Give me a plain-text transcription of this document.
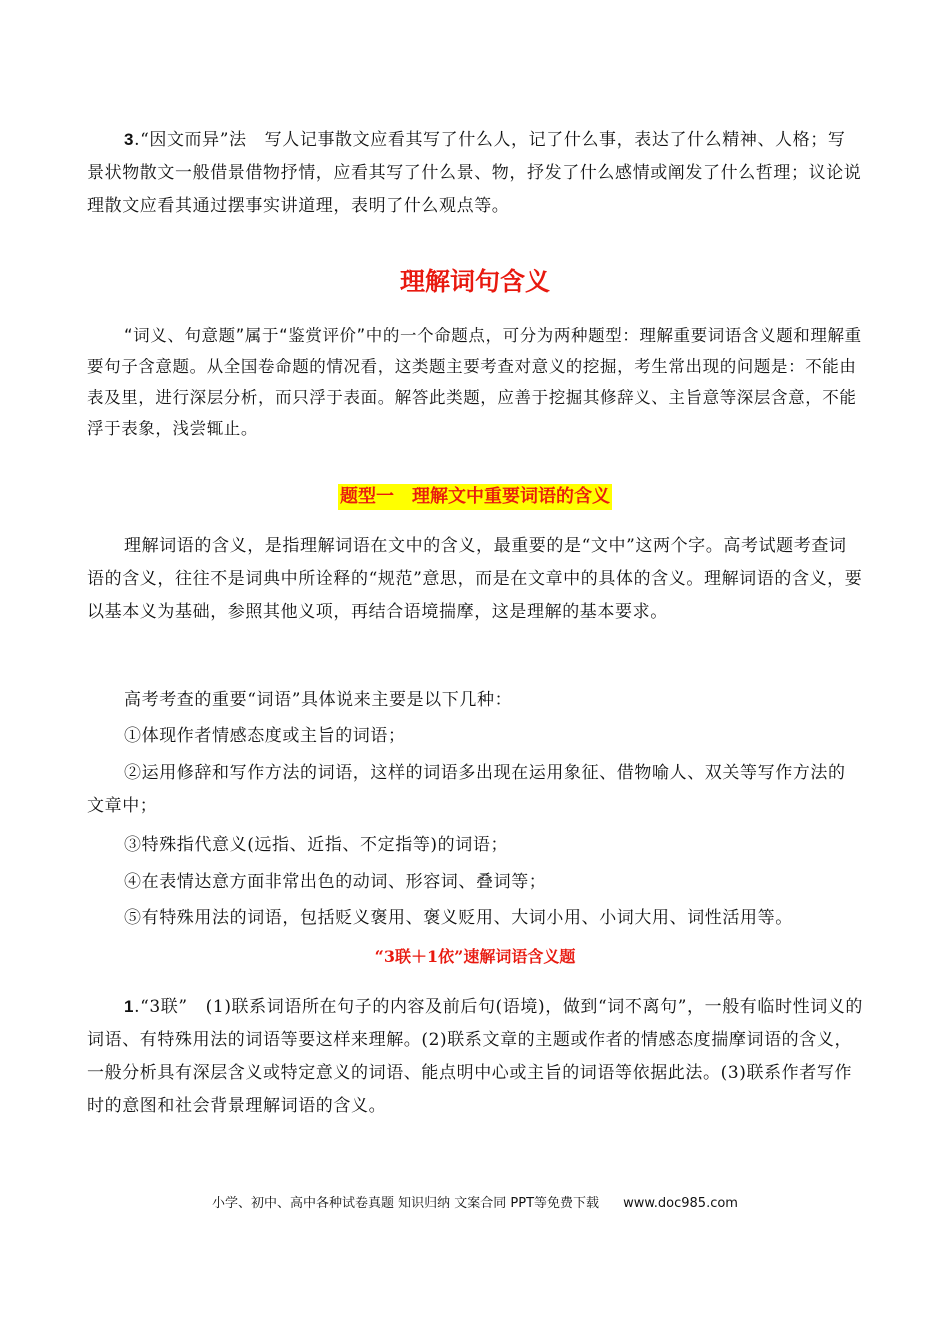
3.“因文而异”法 写人记事散文应看其写了什么人，记了什么事，表达了什么精神、人格；写景状物散文一般借景借物抒情，应看其写了什么景、物，抒发了什么感情或阐发了什么哲理；议论说理散文应看其通过摆事实讲道理，表明了什么观点等。

理解词句含义

“词义、句意题”属于“鉴赏评价”中的一个命题点，可分为两种题型：理解重要词语含义题和理解重要句子含意题。从全国卷命题的情况看，这类题主要考查对意义的挖掘，考生常出现的问题是：不能由表及里，进行深层分析，而只浮于表面。解答此类题，应善于挖掘其修辞义、主旨意等深层含意，不能浮于表象，浅尝辄止。

题型一　理解文中重要词语的含义

理解词语的含义，是指理解词语在文中的含义，最重要的是“文中”这两个字。高考试题考查词语的含义，往往不是词典中所诠释的“规范”意思，而是在文章中的具体的含义。理解词语的含义，要以基本义为基础，参照其他义项，再结合语境揣摩，这是理解的基本要求。

高考考查的重要“词语”具体说来主要是以下几种：

①体现作者情感态度或主旨的词语；

②运用修辞和写作方法的词语，这样的词语多出现在运用象征、借物喻人、双关等写作方法的文章中；

③特殊指代意义(远指、近指、不定指等)的词语；

④在表情达意方面非常出色的动词、形容词、叠词等；

⑤有特殊用法的词语，包括贬义褒用、褒义贬用、大词小用、小词大用、词性活用等。

“3联＋1依”速解词语含义题

1.“3联” (1)联系词语所在句子的内容及前后句(语境)，做到“词不离句”，一般有临时性词义的词语、有特殊用法的词语等要这样来理解。(2)联系文章的主题或作者的情感态度揣摩词语的含义，一般分析具有深层含义或特定意义的词语、能点明中心或主旨的词语等依据此法。(3)联系作者写作时的意图和社会背景理解词语的含义。

小学、初中、高中各种试卷真题 知识归纳 文案合同 PPT等免费下载 www.doc985.com
